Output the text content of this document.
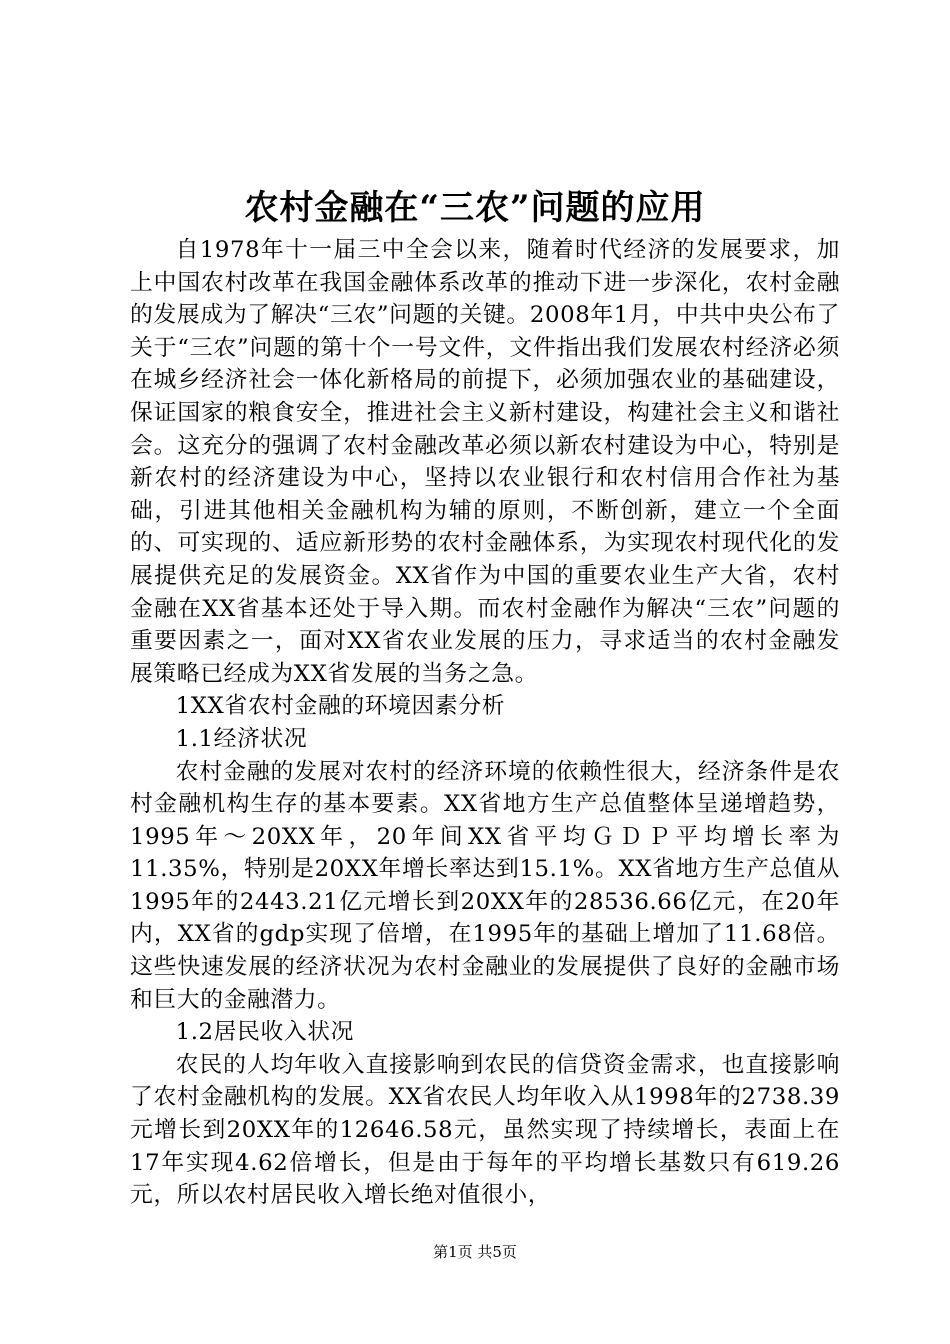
农村金融在“三农”问题的应用

自1978年十一届三中全会以来，随着时代经济的发展要求，加上中国农村改革在我国金融体系改革的推动下进一步深化，农村金融的发展成为了解决“三农”问题的关键。2008年1月，中共中央公布了关于“三农”问题的第十个一号文件，文件指出我们发展农村经济必须在城乡经济社会一体化新格局的前提下，必须加强农业的基础建设，保证国家的粮食安全，推进社会主义新村建设，构建社会主义和谐社会。这充分的强调了农村金融改革必须以新农村建设为中心，特别是新农村的经济建设为中心，坚持以农业银行和农村信用合作社为基础，引进其他相关金融机构为辅的原则，不断创新，建立一个全面的、可实现的、适应新形势的农村金融体系，为实现农村现代化的发展提供充足的发展资金。XX省作为中国的重要农业生产大省，农村金融在XX省基本还处于导入期。而农村金融作为解决“三农”问题的重要因素之一，面对XX省农业发展的压力，寻求适当的农村金融发展策略已经成为XX省发展的当务之急。

1XX省农村金融的环境因素分析

1.1经济状况

农村金融的发展对农村的经济环境的依赖性很大，经济条件是农村金融机构生存的基本要素。XX省地方生产总值整体呈递增趋势，1995年～20XX年，20年间XX省平均ＧＤＰ平均增长率为11.35%，特别是20XX年增长率达到15.1%。XX省地方生产总值从1995年的2443.21亿元增长到20XX年的28536.66亿元，在20年内，XX省的gdp实现了倍增，在1995年的基础上增加了11.68倍。这些快速发展的经济状况为农村金融业的发展提供了良好的金融市场和巨大的金融潜力。

1.2居民收入状况

农民的人均年收入直接影响到农民的信贷资金需求，也直接影响了农村金融机构的发展。XX省农民人均年收入从1998年的2738.39元增长到20XX年的12646.58元，虽然实现了持续增长，表面上在17年实现4.62倍增长，但是由于每年的平均增长基数只有619.26元，所以农村居民收入增长绝对值很小，

第1页 共5页
